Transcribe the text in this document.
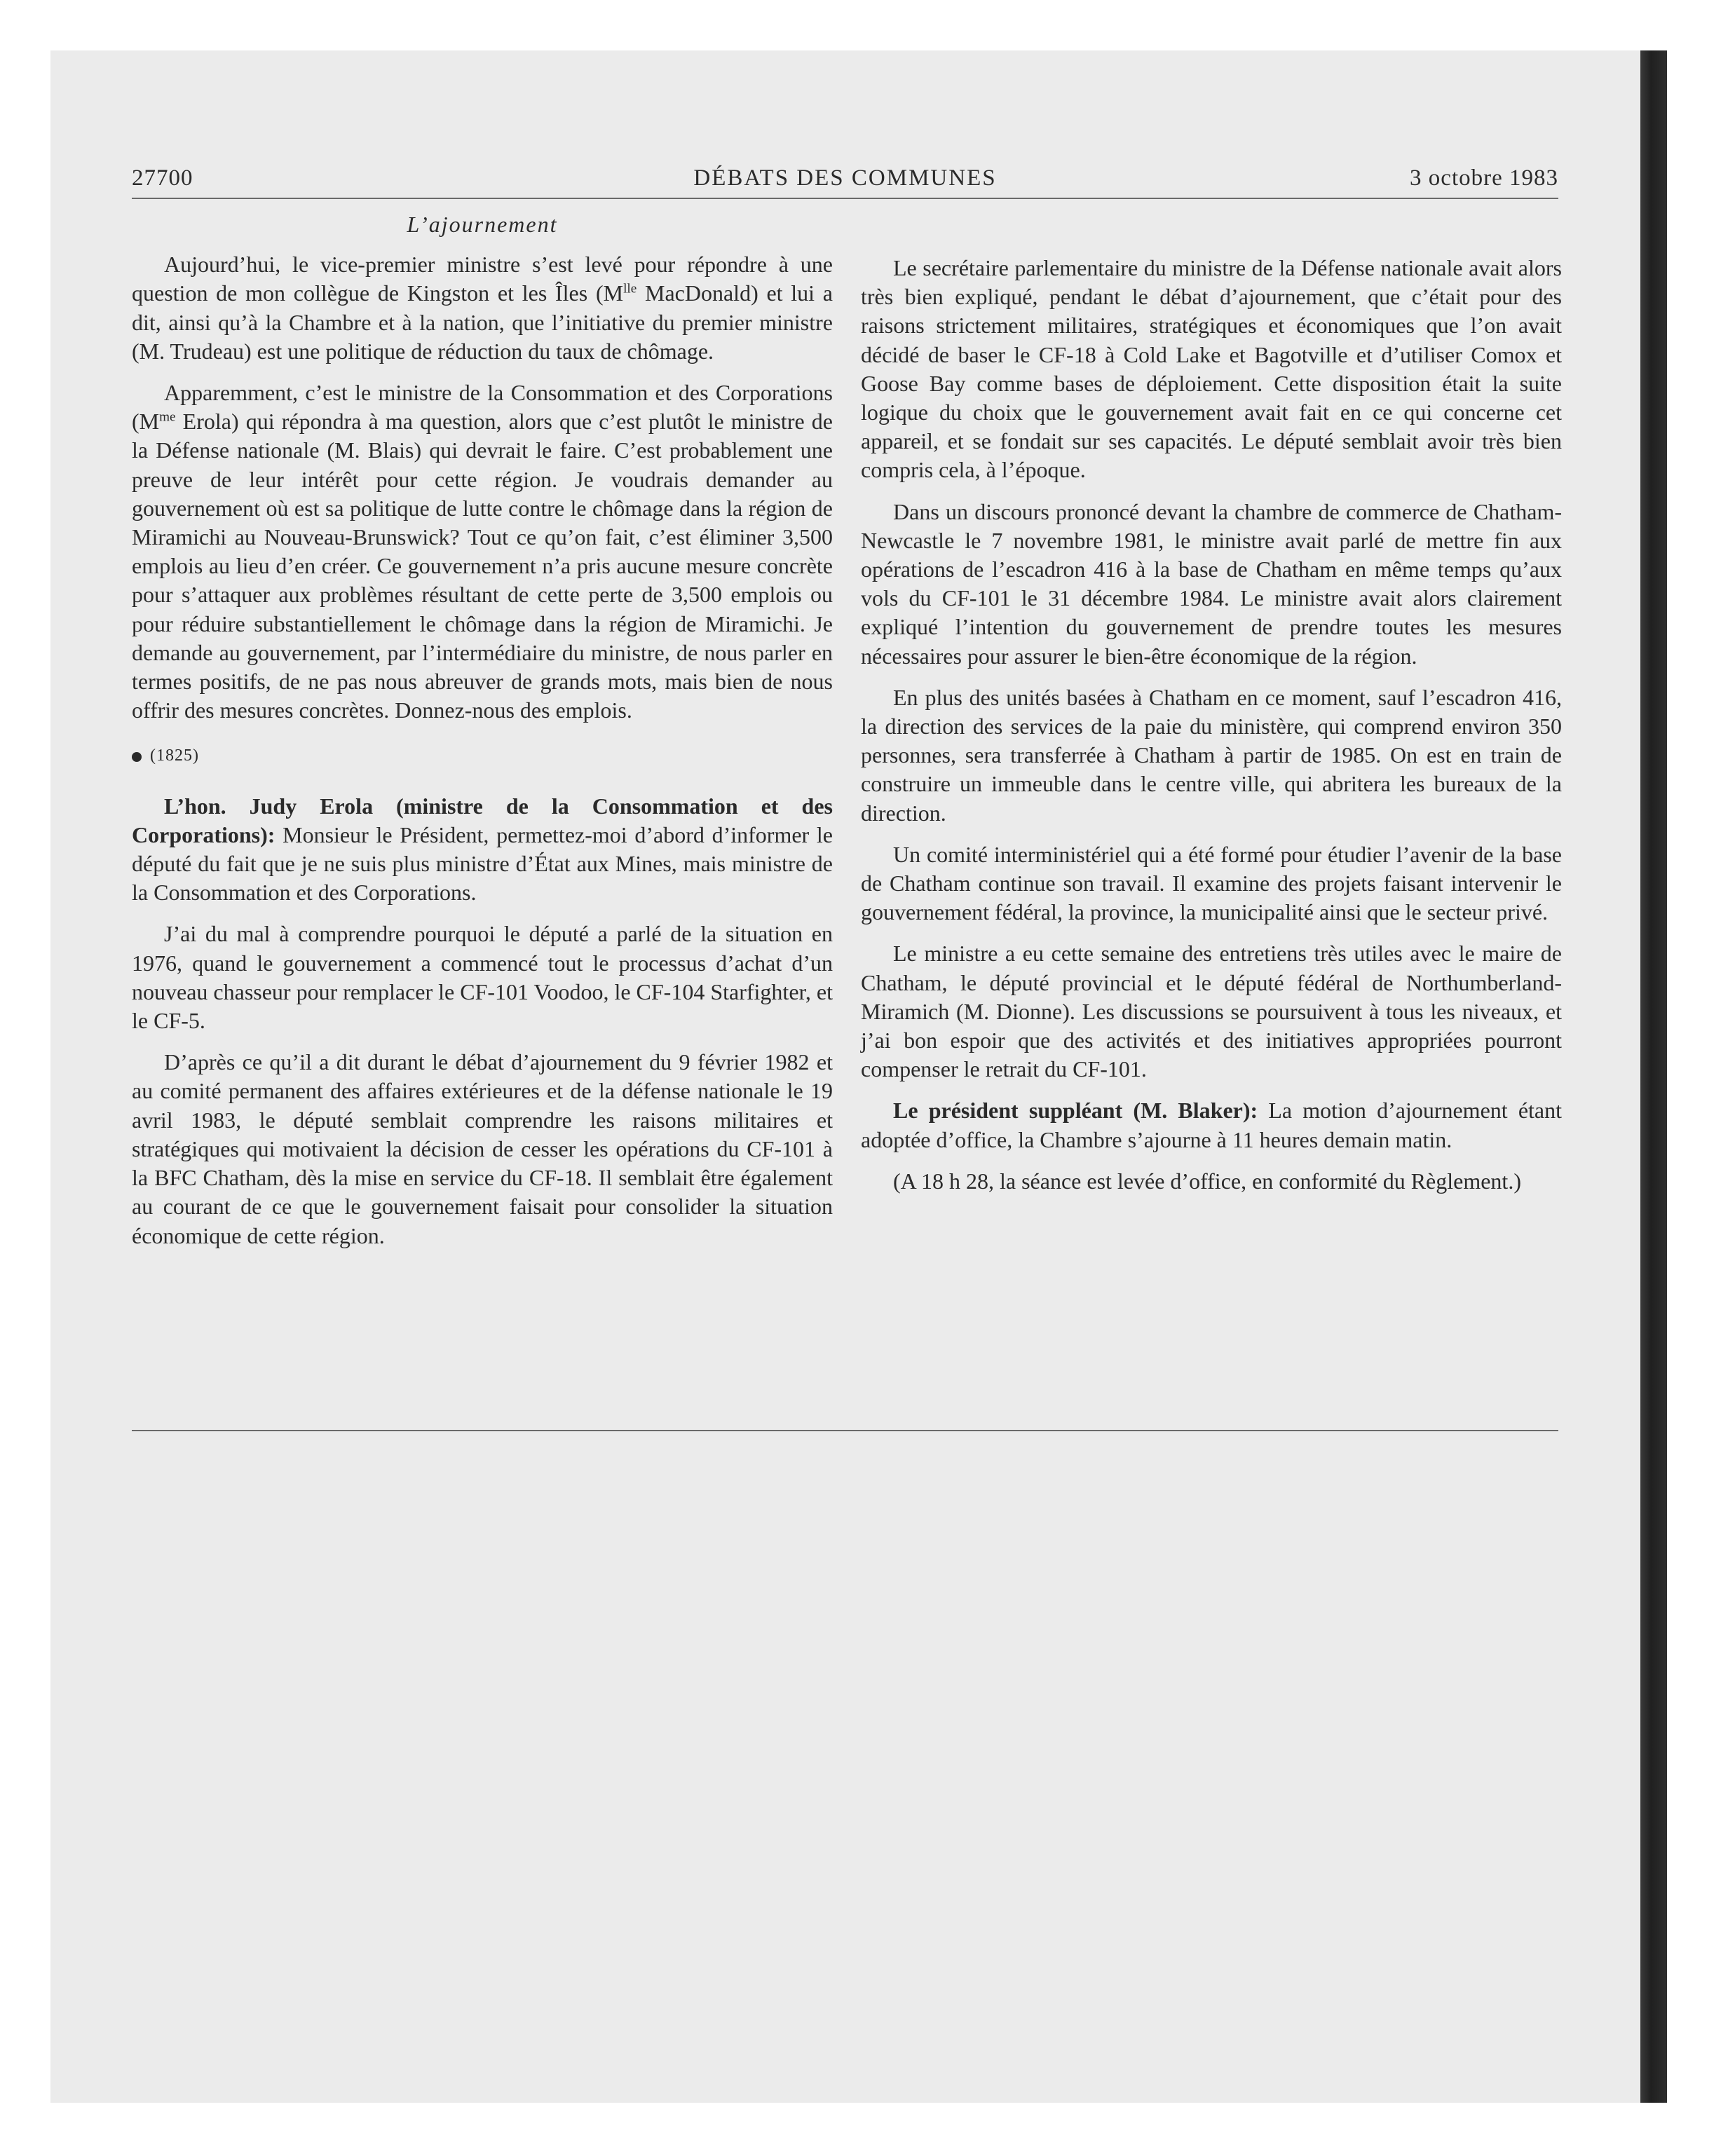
27700	DÉBATS DES COMMUNES	3 octobre 1983
L’ajournement

Aujourd’hui, le vice-premier ministre s’est levé pour répondre à une question de mon collègue de Kingston et les Îles ($M^{lle}$ MacDonald) et lui a dit, ainsi qu’à la Chambre et à la nation, que l’initiative du premier ministre (M. Trudeau) est une politique de réduction du taux de chômage.

Apparemment, c’est le ministre de la Consommation et des Corporations ($M^{me}$ Erola) qui répondra à ma question, alors que c’est plutôt le ministre de la Défense nationale (M. Blais) qui devrait le faire. C’est probablement une preuve de leur intérêt pour cette région. Je voudrais demander au gouvernement où est sa politique de lutte contre le chômage dans la région de Miramichi au Nouveau-Brunswick? Tout ce qu’on fait, c’est éliminer 3,500 emplois au lieu d’en créer. Ce gouvernement n’a pris aucune mesure concrète pour s’attaquer aux problèmes résultant de cette perte de 3,500 emplois ou pour réduire substantiellement le chômage dans la région de Miramichi. Je demande au gouvernement, par l’intermédiaire du ministre, de nous parler en termes positifs, de ne pas nous abreuver de grands mots, mais bien de nous offrir des mesures concrètes. Donnez-nous des emplois.

(1825)

L’hon. Judy Erola (ministre de la Consommation et des Corporations): Monsieur le Président, permettez-moi d’abord d’informer le député du fait que je ne suis plus ministre d’État aux Mines, mais ministre de la Consommation et des Corporations.

J’ai du mal à comprendre pourquoi le député a parlé de la situation en 1976, quand le gouvernement a commencé tout le processus d’achat d’un nouveau chasseur pour remplacer le CF-101 Voodoo, le CF-104 Starfighter, et le CF-5.

D’après ce qu’il a dit durant le débat d’ajournement du 9 février 1982 et au comité permanent des affaires extérieures et de la défense nationale le 19 avril 1983, le député semblait comprendre les raisons militaires et stratégiques qui motivaient la décision de cesser les opérations du CF-101 à la BFC Chatham, dès la mise en service du CF-18. Il semblait être également au courant de ce que le gouvernement faisait pour consolider la situation économique de cette région.

Le secrétaire parlementaire du ministre de la Défense nationale avait alors très bien expliqué, pendant le débat d’ajournement, que c’était pour des raisons strictement militaires, stratégiques et économiques que l’on avait décidé de baser le CF-18 à Cold Lake et Bagotville et d’utiliser Comox et Goose Bay comme bases de déploiement. Cette disposition était la suite logique du choix que le gouvernement avait fait en ce qui concerne cet appareil, et se fondait sur ses capacités. Le député semblait avoir très bien compris cela, à l’époque.

Dans un discours prononcé devant la chambre de commerce de Chatham-Newcastle le 7 novembre 1981, le ministre avait parlé de mettre fin aux opérations de l’escadron 416 à la base de Chatham en même temps qu’aux vols du CF-101 le 31 décembre 1984. Le ministre avait alors clairement expliqué l’intention du gouvernement de prendre toutes les mesures nécessaires pour assurer le bien-être économique de la région.

En plus des unités basées à Chatham en ce moment, sauf l’escadron 416, la direction des services de la paie du ministère, qui comprend environ 350 personnes, sera transferrée à Chatham à partir de 1985. On est en train de construire un immeuble dans le centre ville, qui abritera les bureaux de la direction.

Un comité interministériel qui a été formé pour étudier l’avenir de la base de Chatham continue son travail. Il examine des projets faisant intervenir le gouvernement fédéral, la province, la municipalité ainsi que le secteur privé.

Le ministre a eu cette semaine des entretiens très utiles avec le maire de Chatham, le député provincial et le député fédéral de Northumberland-Miramich (M. Dionne). Les discussions se poursuivent à tous les niveaux, et j’ai bon espoir que des activités et des initiatives appropriées pourront compenser le retrait du CF-101.

Le président suppléant (M. Blaker): La motion d’ajournement étant adoptée d’office, la Chambre s’ajourne à 11 heures demain matin.

(A 18 h 28, la séance est levée d’office, en conformité du Règlement.)
